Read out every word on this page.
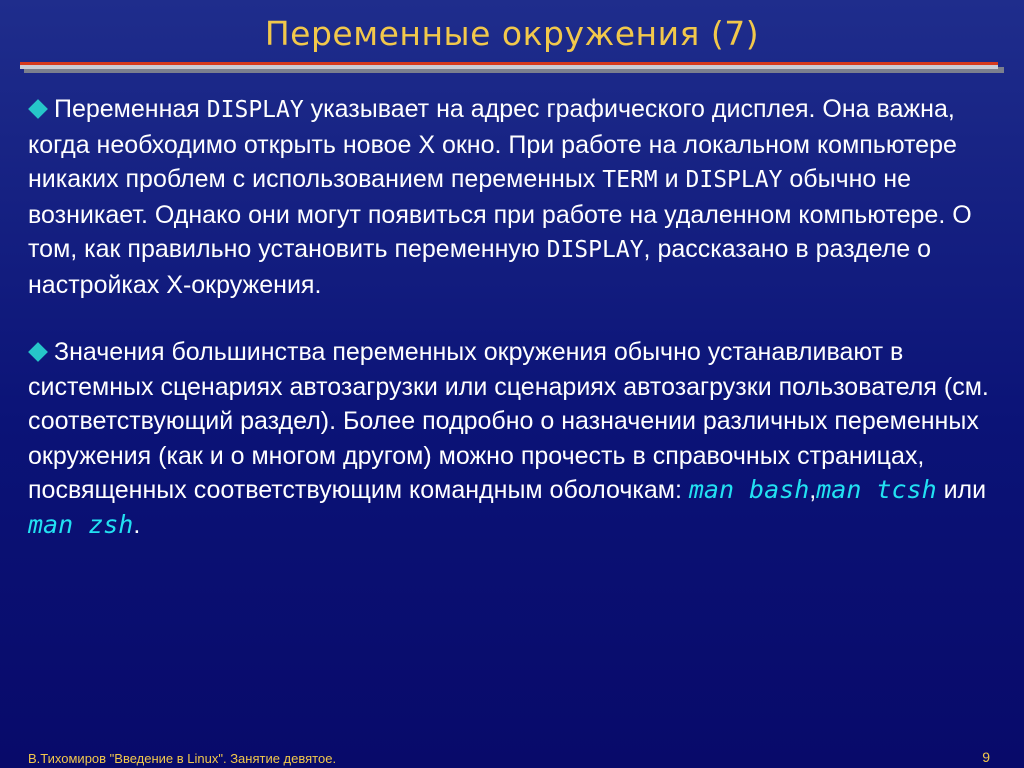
Переменные окружения (7)

Переменная DISPLAY указывает на адрес графического дисплея. Она важна, когда необходимо открыть новое X окно. При работе на локальном компьютере никаких проблем с использованием переменных TERM и DISPLAY обычно не возникает. Однако они могут появиться при работе на удаленном компьютере. О том, как правильно установить переменную DISPLAY, рассказано в разделе о настройках X-окружения.

Значения большинства переменных окружения обычно устанавливают в системных сценариях автозагрузки или сценариях автозагрузки пользователя (см. соответствующий раздел). Более подробно о назначении различных переменных окружения (как и о многом другом) можно прочесть в справочных страницах, посвященных соответствующим командным оболочкам: man bash,man tcsh или man zsh.

В.Тихомиров "Введение в Linux". Занятие девятое.	9
